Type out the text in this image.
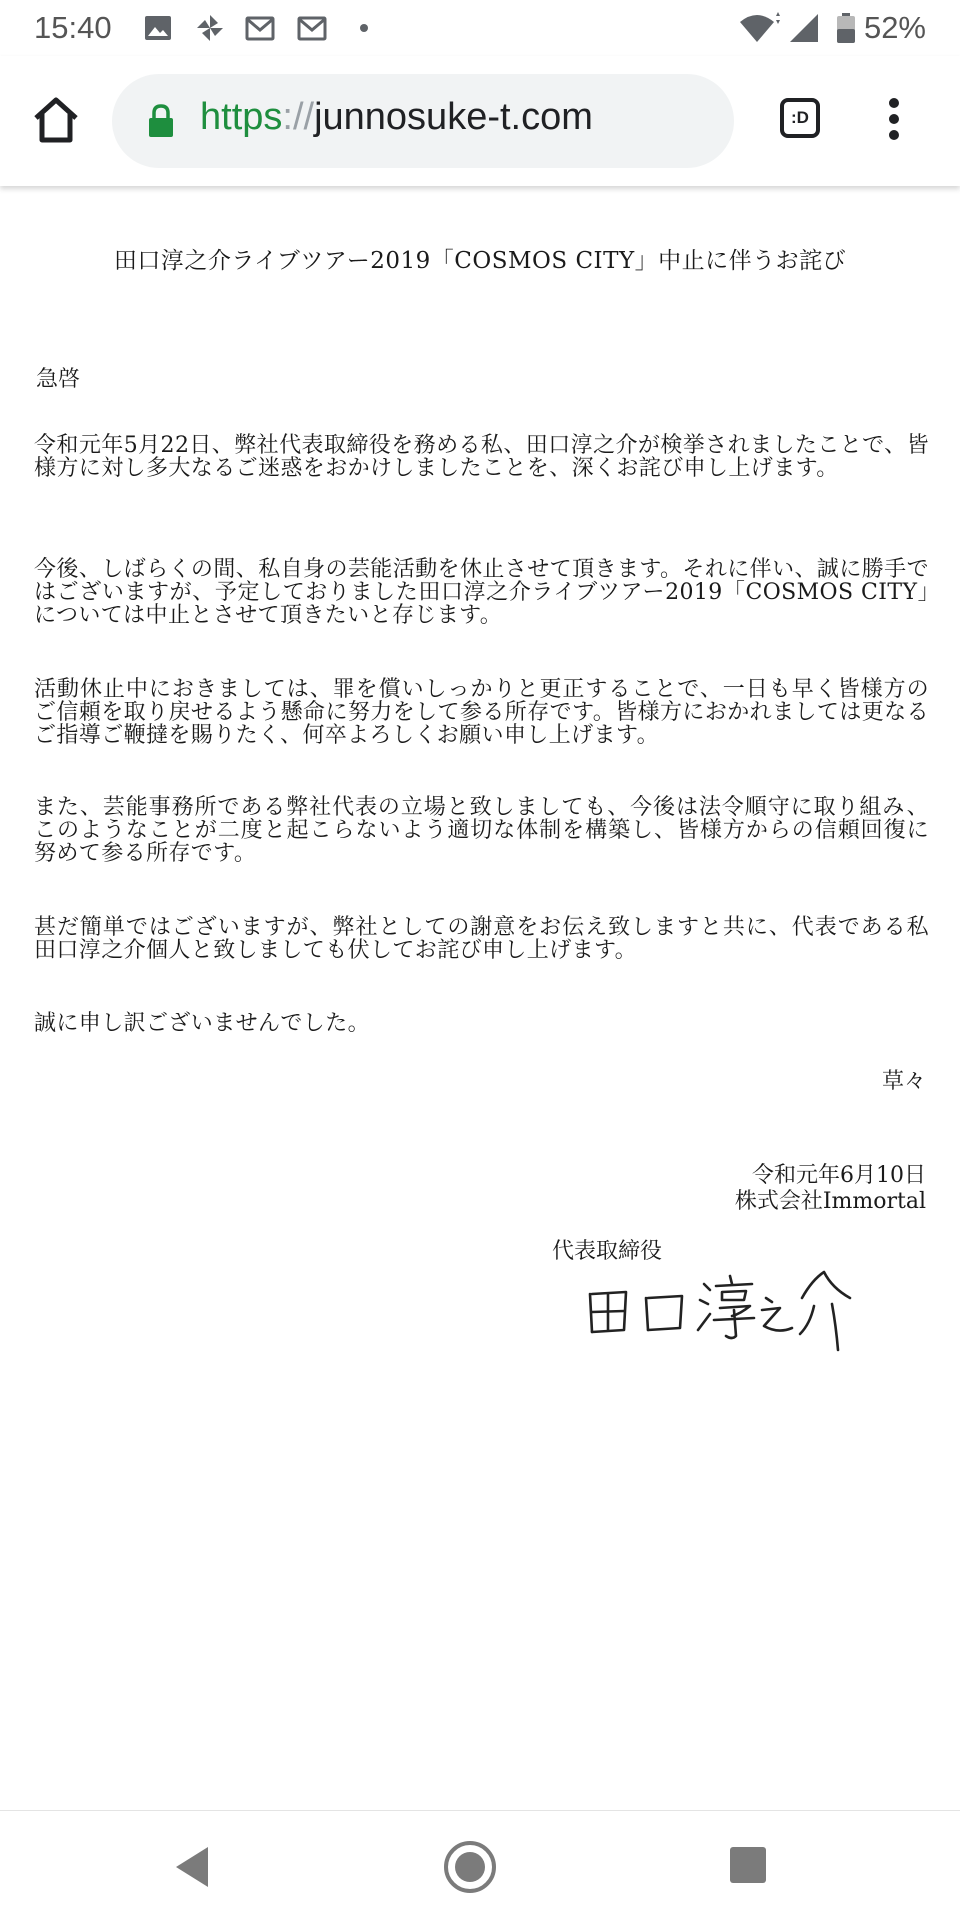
15:40	52%
https://junnosuke-t.com	:D
田口淳之介ライブツアー2019「COSMOS CITY」中止に伴うお詫び
急啓

令和元年5月22日、弊社代表取締役を務める私、田口淳之介が検挙されましたことで、皆様方に対し多大なるご迷惑をおかけしましたことを、深くお詫び申し上げます。

今後、しばらくの間、私自身の芸能活動を休止させて頂きます。それに伴い、誠に勝手ではございますが、予定しておりました田口淳之介ライブツアー2019「COSMOS CITY」については中止とさせて頂きたいと存じます。

活動休止中におきましては、罪を償いしっかりと更正することで、一日も早く皆様方のご信頼を取り戻せるよう懸命に努力をして参る所存です。皆様方におかれましては更なるご指導ご鞭撻を賜りたく、何卒よろしくお願い申し上げます。

また、芸能事務所である弊社代表の立場と致しましても、今後は法令順守に取り組み、このようなことが二度と起こらないよう適切な体制を構築し、皆様方からの信頼回復に努めて参る所存です。

甚だ簡単ではございますが、弊社としての謝意をお伝え致しますと共に、代表である私田口淳之介個人と致しましても伏してお詫び申し上げます。

誠に申し訳ございませんでした。

草々
令和元年6月10日
株式会社Immortal
代表取締役
